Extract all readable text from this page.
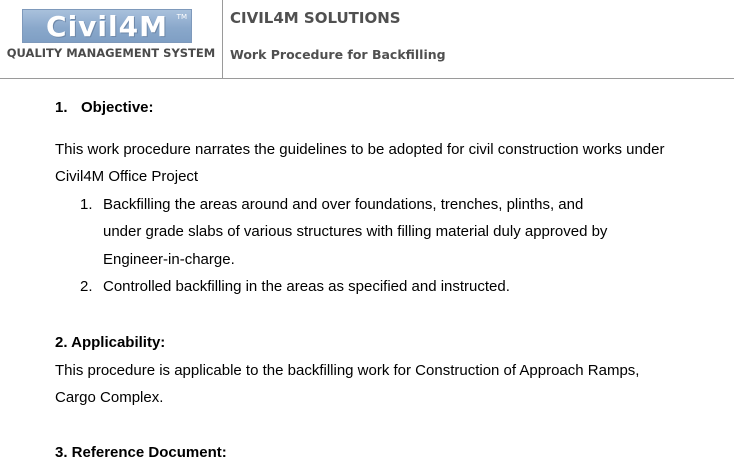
Civil4M TM
QUALITY MANAGEMENT SYSTEM
CIVIL4M SOLUTIONS
Work Procedure for Backfilling
1. Objective:
This work procedure narrates the guidelines to be adopted for civil construction works under
Civil4M Office Project
1. Backfilling the areas around and over foundations, trenches, plinths, and
under grade slabs of various structures with filling material duly approved by
Engineer-in-charge.
2. Controlled backfilling in the areas as specified and instructed.
2. Applicability:
This procedure is applicable to the backfilling work for Construction of Approach Ramps,
Cargo Complex.
3. Reference Document:
